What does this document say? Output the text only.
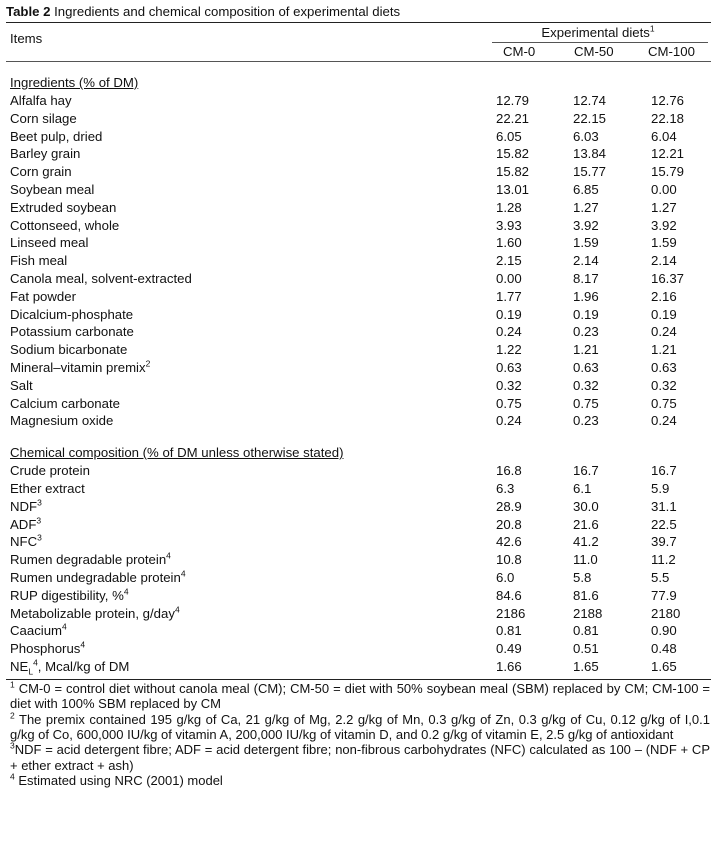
Table 2 Ingredients and chemical composition of experimental diets
Items	Experimental diets$^1$
CM-0	CM-50	CM-100
Ingredients (% of DM)
Alfalfa hay	12.79	12.74	12.76
Corn silage	22.21	22.15	22.18
Beet pulp, dried	6.05	6.03	6.04
Barley grain	15.82	13.84	12.21
Corn grain	15.82	15.77	15.79
Soybean meal	13.01	6.85	0.00
Extruded soybean	1.28	1.27	1.27
Cottonseed, whole	3.93	3.92	3.92
Linseed meal	1.60	1.59	1.59
Fish meal	2.15	2.14	2.14
Canola meal, solvent-extracted	0.00	8.17	16.37
Fat powder	1.77	1.96	2.16
Dicalcium-phosphate	0.19	0.19	0.19
Potassium carbonate	0.24	0.23	0.24
Sodium bicarbonate	1.22	1.21	1.21
Mineral–vitamin premix$^2$	0.63	0.63	0.63
Salt	0.32	0.32	0.32
Calcium carbonate	0.75	0.75	0.75
Magnesium oxide	0.24	0.23	0.24
Chemical composition (% of DM unless otherwise stated)
Crude protein	16.8	16.7	16.7
Ether extract	6.3	6.1	5.9
NDF$^3$	28.9	30.0	31.1
ADF$^3$	20.8	21.6	22.5
NFC$^3$	42.6	41.2	39.7
Rumen degradable protein$^4$	10.8	11.0	11.2
Rumen undegradable protein$^4$	6.0	5.8	5.5
RUP digestibility, %$^4$	84.6	81.6	77.9
Metabolizable protein, g/day$^4$	2186	2188	2180
Caacium$^4$	0.81	0.81	0.90
Phosphorus$^4$	0.49	0.51	0.48
$NE_L^4$, Mcal/kg of DM	1.66	1.65	1.65

$^1$ CM-0 = control diet without canola meal (CM); CM-50 = diet with 50% soybean meal (SBM) replaced by CM; CM-100 = diet with 100% SBM replaced by CM

$^2$ The premix contained 195 g/kg of Ca, 21 g/kg of Mg, 2.2 g/kg of Mn, 0.3 g/kg of Zn, 0.3 g/kg of Cu, 0.12 g/kg of I,0.1 g/kg of Co, 600,000 IU/kg of vitamin A, 200,000 IU/kg of vitamin D, and 0.2 g/kg of vitamin E, 2.5 g/kg of antioxidant

$^3$NDF = acid detergent fibre; ADF = acid detergent fibre; non-fibrous carbohydrates (NFC) calculated as 100 – (NDF + CP + ether extract + ash)

$^4$ Estimated using NRC (2001) model
